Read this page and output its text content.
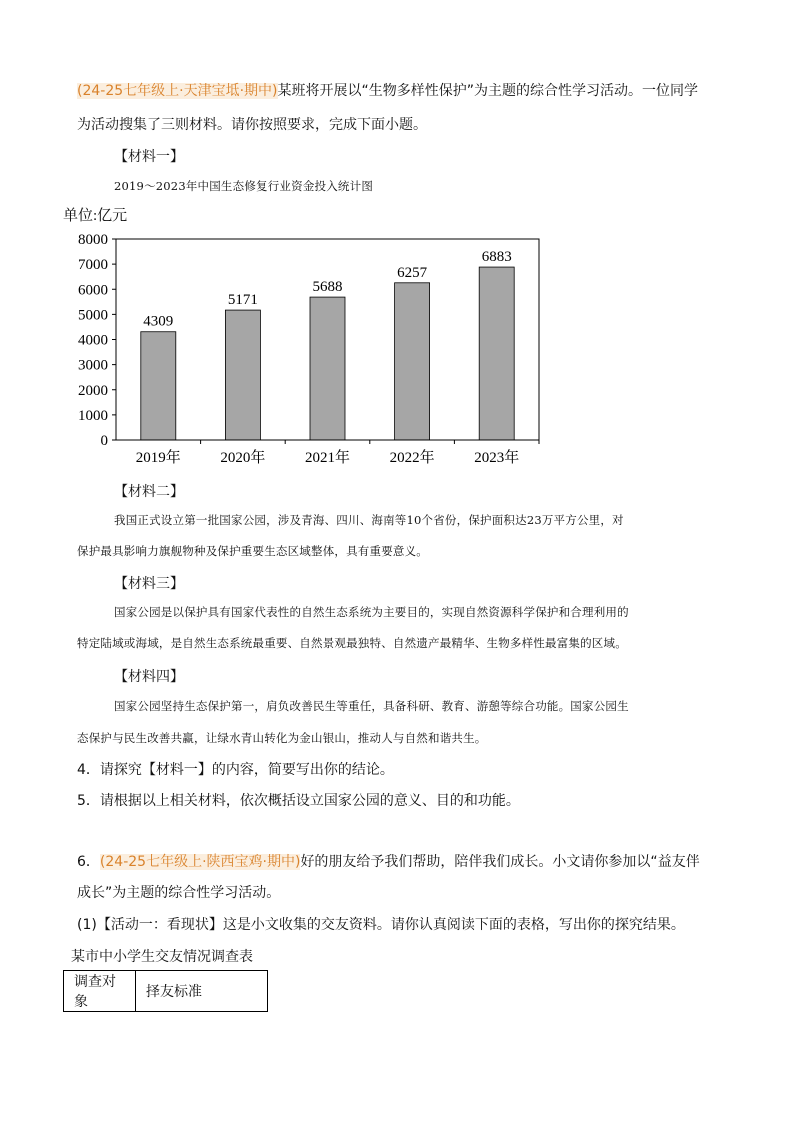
(24-25七年级上·天津宝坻·期中)某班将开展以“生物多样性保护”为主题的综合性学习活动。一位同学
为活动搜集了三则材料。请你按照要求，完成下面小题。
【材料一】
2019～2023年中国生态修复行业资金投入统计图
单位:亿元
0
1000
2000
3000
4000
5000
6000
7000
8000
4309
5171
5688
6257
6883
2019年	2020年	2021年	2022年	2023年
【材料二】
我国正式设立第一批国家公园，涉及青海、四川、海南等10个省份，保护面积达23万平方公里，对
保护最具影响力旗舰物种及保护重要生态区域整体，具有重要意义。
【材料三】
国家公园是以保护具有国家代表性的自然生态系统为主要目的，实现自然资源科学保护和合理利用的
特定陆域或海域，是自然生态系统最重要、自然景观最独特、自然遗产最精华、生物多样性最富集的区域。
【材料四】
国家公园坚持生态保护第一，肩负改善民生等重任，具备科研、教育、游憩等综合功能。国家公园生
态保护与民生改善共赢，让绿水青山转化为金山银山，推动人与自然和谐共生。
4．请探究【材料一】的内容，简要写出你的结论。
5．请根据以上相关材料，依次概括设立国家公园的意义、目的和功能。
6．(24-25七年级上·陕西宝鸡·期中)好的朋友给予我们帮助，陪伴我们成长。小文请你参加以“益友伴
成长”为主题的综合性学习活动。
(1)【活动一：看现状】这是小文收集的交友资料。请你认真阅读下面的表格，写出你的探究结果。
某市中小学生交友情况调查表
调查对象	择友标准
